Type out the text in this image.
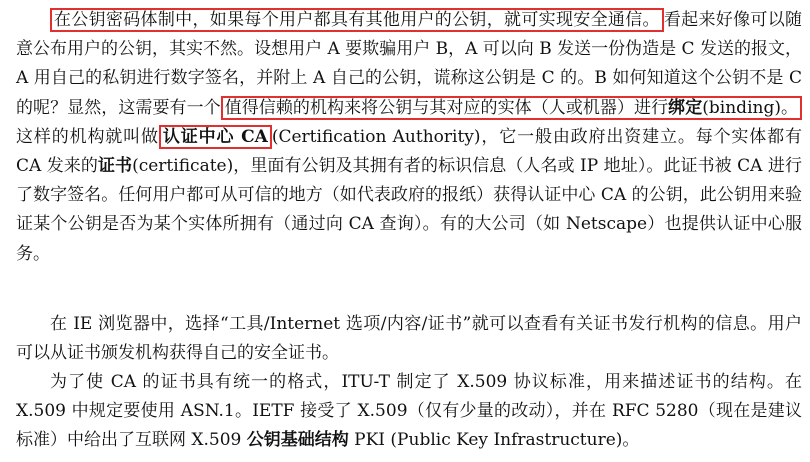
在公钥密码体制中，如果每个用户都具有其他用户的公钥，就可实现安全通信。 看起来好像可以随意公布用户的公钥，其实不然。设想用户 A 要欺骗用户 B，A 可以向 B 发送一份伪造是 C 发送的报文，A 用自己的私钥进行数字签名，并附上 A 自己的公钥，谎称这公钥是 C 的。B 如何知道这个公钥不是 C 的呢？显然，这需要有一个 值得信赖的机构来将公钥与其对应的实体（人或机器）进行绑定(binding)。这样的机构就叫做 认证中心 CA (Certification Authority)，它一般由政府出资建立。每个实体都有 CA 发来的证书(certificate)，里面有公钥及其拥有者的标识信息（人名或 IP 地址）。此证书被 CA 进行了数字签名。任何用户都可从可信的地方（如代表政府的报纸）获得认证中心 CA 的公钥，此公钥用来验证某个公钥是否为某个实体所拥有（通过向 CA 查询）。有的大公司（如 Netscape）也提供认证中心服务。

在 IE 浏览器中，选择“工具/Internet 选项/内容/证书”就可以查看有关证书发行机构的信息。用户可以从证书颁发机构获得自己的安全证书。

为了使 CA 的证书具有统一的格式，ITU-T 制定了 X.509 协议标准，用来描述证书的结构。在 X.509 中规定要使用 ASN.1。IETF 接受了 X.509（仅有少量的改动），并在 RFC 5280（现在是建议标准）中给出了互联网 X.509 公钥基础结构 PKI (Public Key Infrastructure)。
